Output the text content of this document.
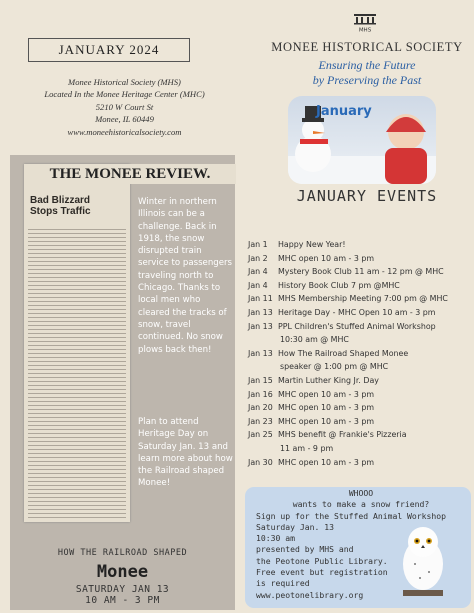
MHS
JANUARY 2024
Monee Historical Society (MHS)
Located In the Monee Heritage Center (MHC)
5210 W Court St
Monee, IL 60449
www.moneehistoricalsociety.com
MONEE HISTORICAL SOCIETY
Ensuring the Future
by Preserving the Past
January
THE MONEE REVIEW.
Bad Blizzard
Stops Traffic
Winter in northern Illinois can be a challenge. Back in 1918, the snow disrupted train service to passengers traveling north to Chicago. Thanks to local men who cleared the tracks of snow, travel continued. No snow plows back then!
Plan to attend Heritage Day on Saturday Jan. 13 and learn more about how the Railroad shaped Monee!
HOW THE RAILROAD SHAPED
Monee
SATURDAY JAN 13
10 AM - 3 PM
JANUARY EVENTS
Jan 1	Happy New Year!
Jan 2	MHC open 10 am - 3 pm
Jan 4	Mystery Book Club 11 am - 12 pm @ MHC
Jan 4	History Book Club 7 pm @MHC
Jan 11 MHS Membership Meeting 7:00 pm @ MHC
Jan 13 Heritage Day - MHC Open 10 am - 3 pm
Jan 13 PPL Children's Stuffed Animal Workshop
10:30 am @ MHC
Jan 13 How The Railroad Shaped Monee
speaker @ 1:00 pm @ MHC
Jan 15 Martin Luther King Jr. Day
Jan 16 MHC open 10 am - 3 pm
Jan 20 MHC open 10 am - 3 pm
Jan 23 MHC open 10 am - 3 pm
Jan 25 MHS benefit @ Frankie's Pizzeria
11 am - 9 pm
Jan 30 MHC open 10 am - 3 pm
WHOOO
wants to make a snow friend?
Sign up for the Stuffed Animal Workshop
Saturday Jan. 13
10:30 am
presented by MHS and
the Peotone Public Library.
Free event but registration
is required
www.peotonelibrary.org
